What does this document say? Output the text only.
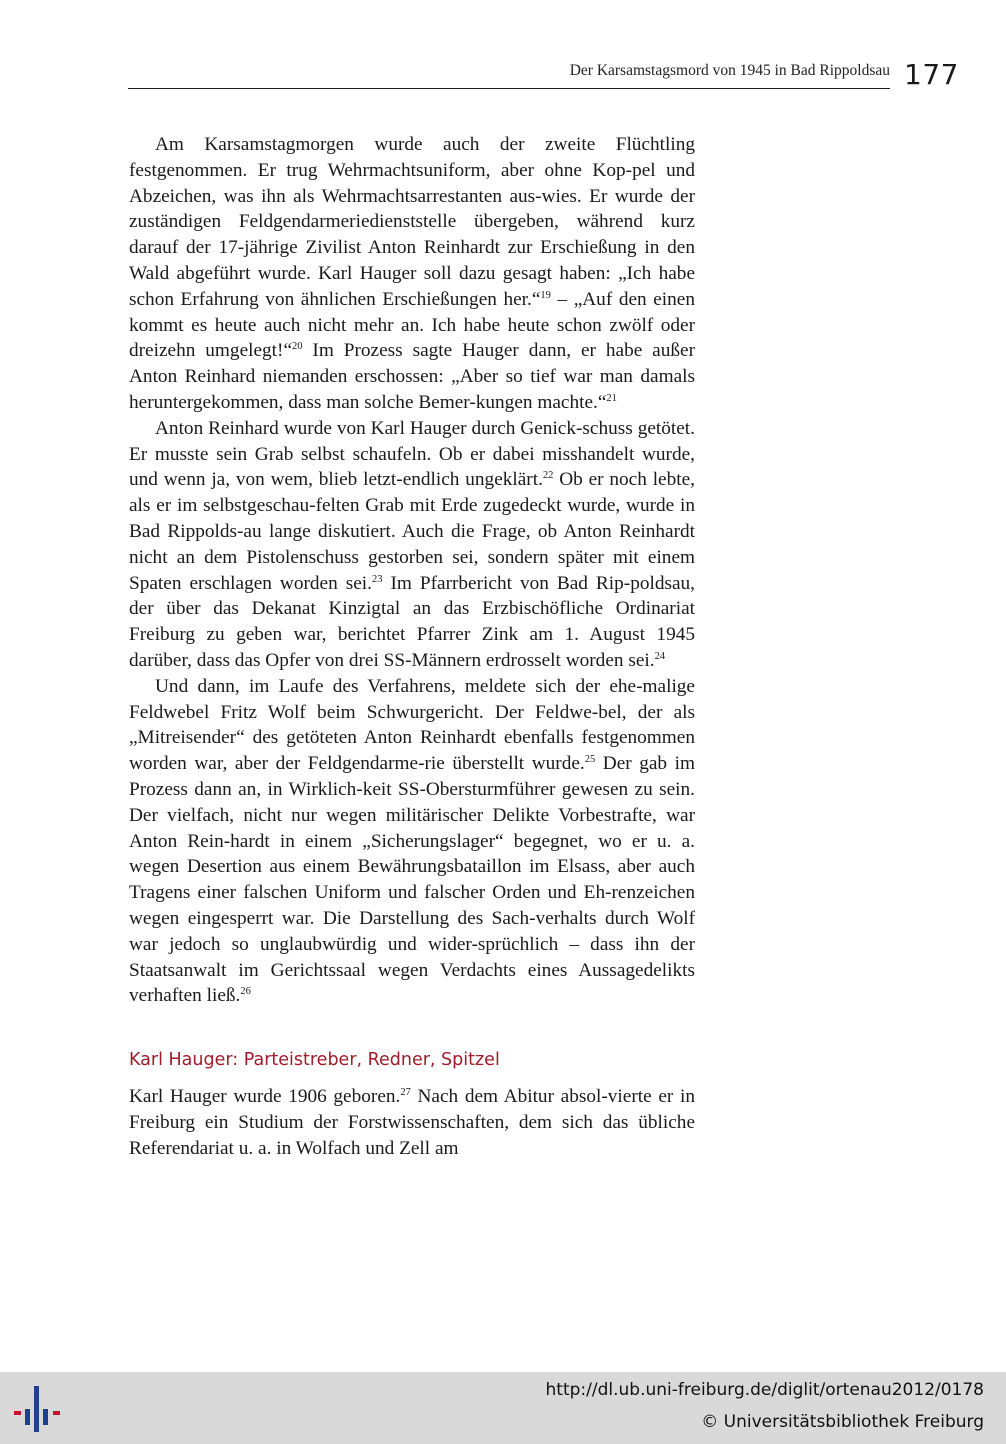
Der Karsamstagsmord von 1945 in Bad Rippoldsau 177

Am Karsamstagmorgen wurde auch der zweite Flüchtling festgenommen. Er trug Wehrmachtsuniform, aber ohne Kop-pel und Abzeichen, was ihn als Wehrmachtsarrestanten aus-wies. Er wurde der zuständigen Feldgendarmeriedienststelle übergeben, während kurz darauf der 17-jährige Zivilist Anton Reinhardt zur Erschießung in den Wald abgeführt wurde. Karl Hauger soll dazu gesagt haben: „Ich habe schon Erfahrung von ähnlichen Erschießungen her.“$^{19}$ – „Auf den einen kommt es heute auch nicht mehr an. Ich habe heute schon zwölf oder dreizehn umgelegt!“$^{20}$ Im Prozess sagte Hauger dann, er habe außer Anton Reinhard niemanden erschossen: „Aber so tief war man damals heruntergekommen, dass man solche Bemer-kungen machte.“$^{21}$

Anton Reinhard wurde von Karl Hauger durch Genick-schuss getötet. Er musste sein Grab selbst schaufeln. Ob er dabei misshandelt wurde, und wenn ja, von wem, blieb letzt-endlich ungeklärt.$^{22}$ Ob er noch lebte, als er im selbstgeschau-felten Grab mit Erde zugedeckt wurde, wurde in Bad Rippolds-au lange diskutiert. Auch die Frage, ob Anton Reinhardt nicht an dem Pistolenschuss gestorben sei, sondern später mit einem Spaten erschlagen worden sei.$^{23}$ Im Pfarrbericht von Bad Rip-poldsau, der über das Dekanat Kinzigtal an das Erzbischöfliche Ordinariat Freiburg zu geben war, berichtet Pfarrer Zink am 1. August 1945 darüber, dass das Opfer von drei SS-Männern erdrosselt worden sei.$^{24}$

Und dann, im Laufe des Verfahrens, meldete sich der ehe-malige Feldwebel Fritz Wolf beim Schwurgericht. Der Feldwe-bel, der als „Mitreisender“ des getöteten Anton Reinhardt ebenfalls festgenommen worden war, aber der Feldgendarme-rie überstellt wurde.$^{25}$ Der gab im Prozess dann an, in Wirklich-keit SS-Obersturmführer gewesen zu sein. Der vielfach, nicht nur wegen militärischer Delikte Vorbestrafte, war Anton Rein-hardt in einem „Sicherungslager“ begegnet, wo er u. a. wegen Desertion aus einem Bewährungsbataillon im Elsass, aber auch Tragens einer falschen Uniform und falscher Orden und Eh-renzeichen wegen eingesperrt war. Die Darstellung des Sach-verhalts durch Wolf war jedoch so unglaubwürdig und wider-sprüchlich – dass ihn der Staatsanwalt im Gerichtssaal wegen Verdachts eines Aussagedelikts verhaften ließ.$^{26}$

Karl Hauger: Parteistreber, Redner, Spitzel

Karl Hauger wurde 1906 geboren.$^{27}$ Nach dem Abitur absol-vierte er in Freiburg ein Studium der Forstwissenschaften, dem sich das übliche Referendariat u. a. in Wolfach und Zell am

http://dl.ub.uni-freiburg.de/diglit/ortenau2012/0178
© Universitätsbibliothek Freiburg
